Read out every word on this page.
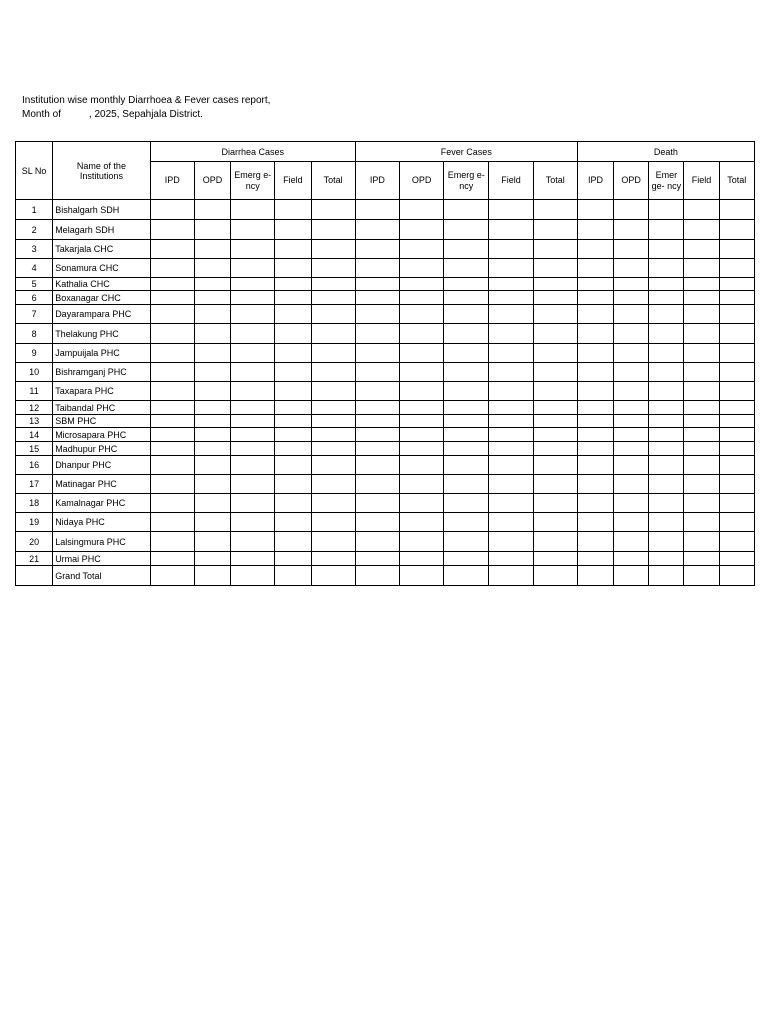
Institution wise monthly Diarrhoea & Fever cases report,
Month of	, 2025, Sepahjala District.
SL No	Name of the Institutions	Diarrhea Cases					Fever Cases					Death				
		IPD	OPD	Emerg e-ncy	Field	Total	IPD	OPD	Emerg e-ncy	Field	Total	IPD	OPD	Emer ge- ncy	Field	Total
1	Bishalgarh SDH															
2	Melagarh SDH															
3	Takarjala CHC															
4	Sonamura CHC															
5	Kathalia CHC															
6	Boxanagar CHC															
7	Dayarampara PHC															
8	Thelakung PHC															
9	Jampuijala PHC															
10	Bishramganj PHC															
11	Taxapara PHC															
12	Taibandal PHC															
13	SBM PHC															
14	Microsapara PHC															
15	Madhupur PHC															
16	Dhanpur PHC															
17	Matinagar PHC															
18	Kamalnagar PHC															
19	Nidaya PHC															
20	Lalsingmura PHC															
21	Urmai PHC															
	Grand Total															
